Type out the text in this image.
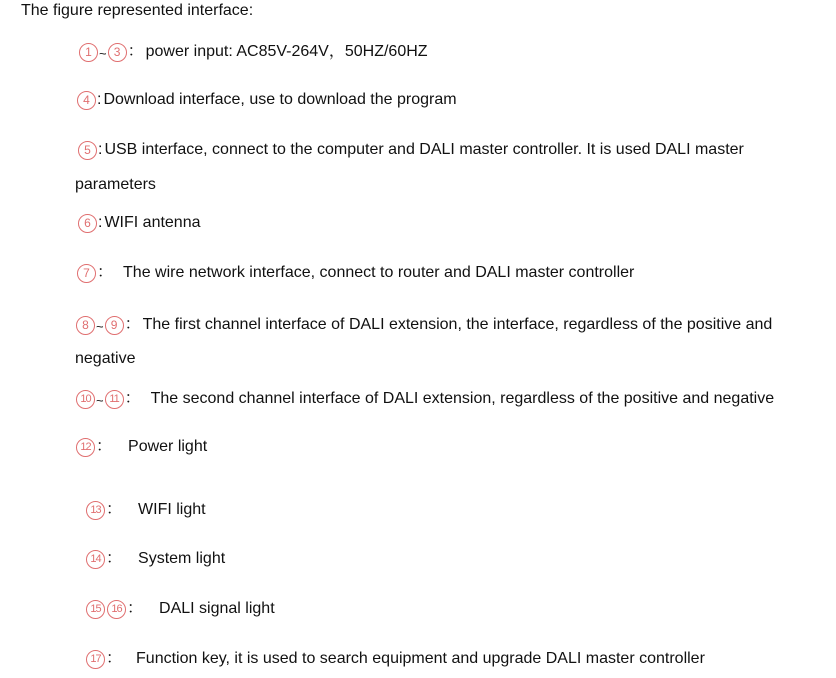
The figure represented interface:
1 ~ 3 ： power input: AC85V-264V，50HZ/60HZ
4 : Download interface, use to download the program
5 : USB interface, connect to the computer and DALI master controller. It is used DALI master
parameters
6 : WIFI antenna
7 ： The wire network interface, connect to router and DALI master controller
8 ~ 9 ： The first channel interface of DALI extension, the interface, regardless of the positive and
negative
10 ~ 11 ： The second channel interface of DALI extension, regardless of the positive and negative
12 ： Power light
13 ： WIFI light
14 ： System light
15 16 ： DALI signal light
17 ： Function key, it is used to search equipment and upgrade DALI master controller
